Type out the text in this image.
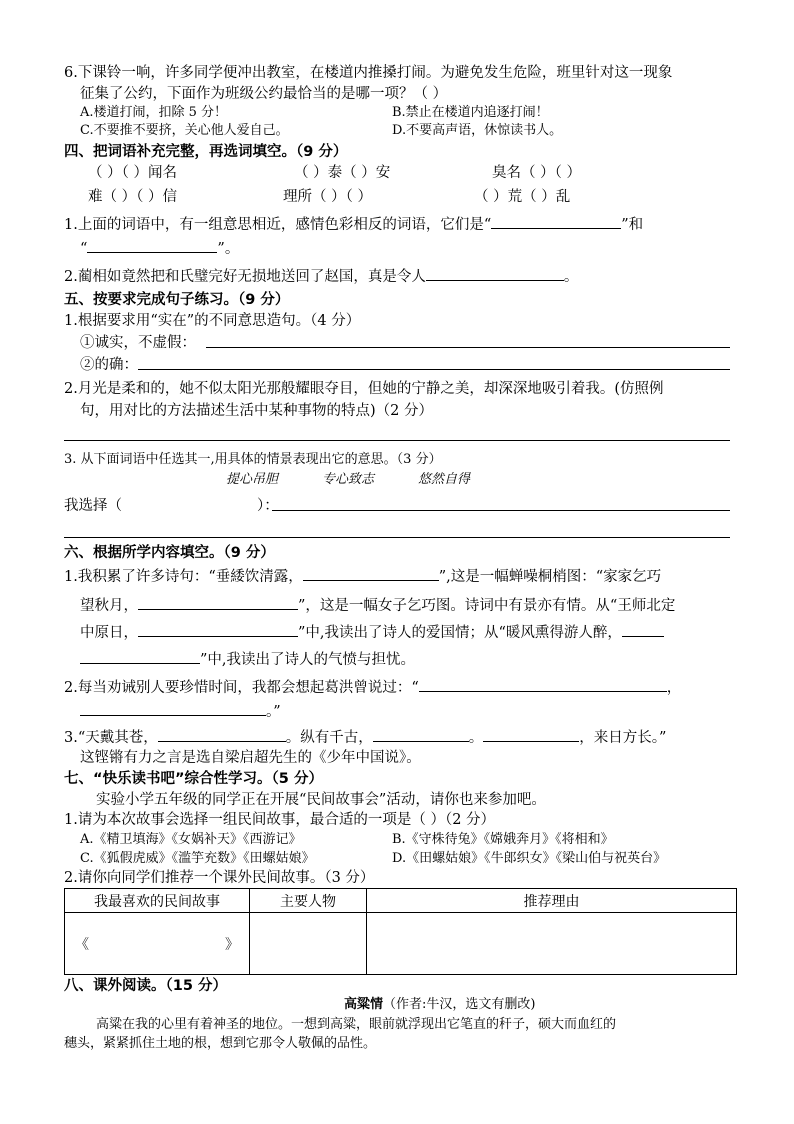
6.下课铃一响，许多同学便冲出教室，在楼道内推搡打闹。为避免发生危险，班里针对这一现象
征集了公约，下面作为班级公约最恰当的是哪一项？（ ）
A.楼道打闹，扣除 5 分！	B.禁止在楼道内追逐打闹！
C.不要推不要挤，关心他人爱自己。	D.不要高声语，休惊读书人。
四、把词语补充完整，再选词填空。（9 分）
（ ）（ ）闻名	（ ）泰（ ）安	臭名（ ）（ ）
难（ ）（ ）信	理所（ ）（ ）	（ ）荒（ ）乱
1.上面的词语中，有一组意思相近，感情色彩相反的词语，它们是“	”和
“	”。
2.蔺相如竟然把和氏璧完好无损地送回了赵国，真是令人	。
五、按要求完成句子练习。（9 分）
1.根据要求用“实在”的不同意思造句。（4 分）
①诚实，不虚假：
②的确：
2.月光是柔和的，她不似太阳光那般耀眼夺目，但她的宁静之美，却深深地吸引着我。(仿照例
句，用对比的方法描述生活中某种事物的特点)（2 分）
3. 从下面词语中任选其一,用具体的情景表现出它的意思。（3 分）
提心吊胆	专心致志	悠然自得
我选择（	）：
六、根据所学内容填空。（9 分）
1.我积累了许多诗句：“垂緌饮清露，	”,这是一幅蝉噪桐梢图：“家家乞巧
望秋月，	”，这是一幅女子乞巧图。诗词中有景亦有情。从“王师北定
中原日，	”中,我读出了诗人的爱国情；从“暖风熏得游人醉，
”中,我读出了诗人的气愤与担忧。
2.每当劝诫别人要珍惜时间，我都会想起葛洪曾说过：“	，
。”
3.“天戴其苍，	。纵有千古，	。	，来日方长。”
这铿锵有力之言是选自梁启超先生的《少年中国说》。
七、“快乐读书吧”综合性学习。（5 分）
实验小学五年级的同学正在开展“民间故事会”活动，请你也来参加吧。
1.请为本次故事会选择一组民间故事，最合适的一项是（ ）（2 分）
A.《精卫填海》《女娲补天》《西游记》	B.《守株待兔》《嫦娥奔月》《将相和》
C.《狐假虎威》《滥竽充数》《田螺姑娘》	D.《田螺姑娘》《牛郎织女》《梁山伯与祝英台》
2.请你向同学们推荐一个课外民间故事。（3 分）
我最喜欢的民间故事	主要人物	推荐理由
《 》		
八、课外阅读。（15 分）
高粱情（作者:牛汉，选文有删改)
高粱在我的心里有着神圣的地位。一想到高粱，眼前就浮现出它笔直的秆子，硕大而血红的
穗头，紧紧抓住土地的根，想到它那令人敬佩的品性。
